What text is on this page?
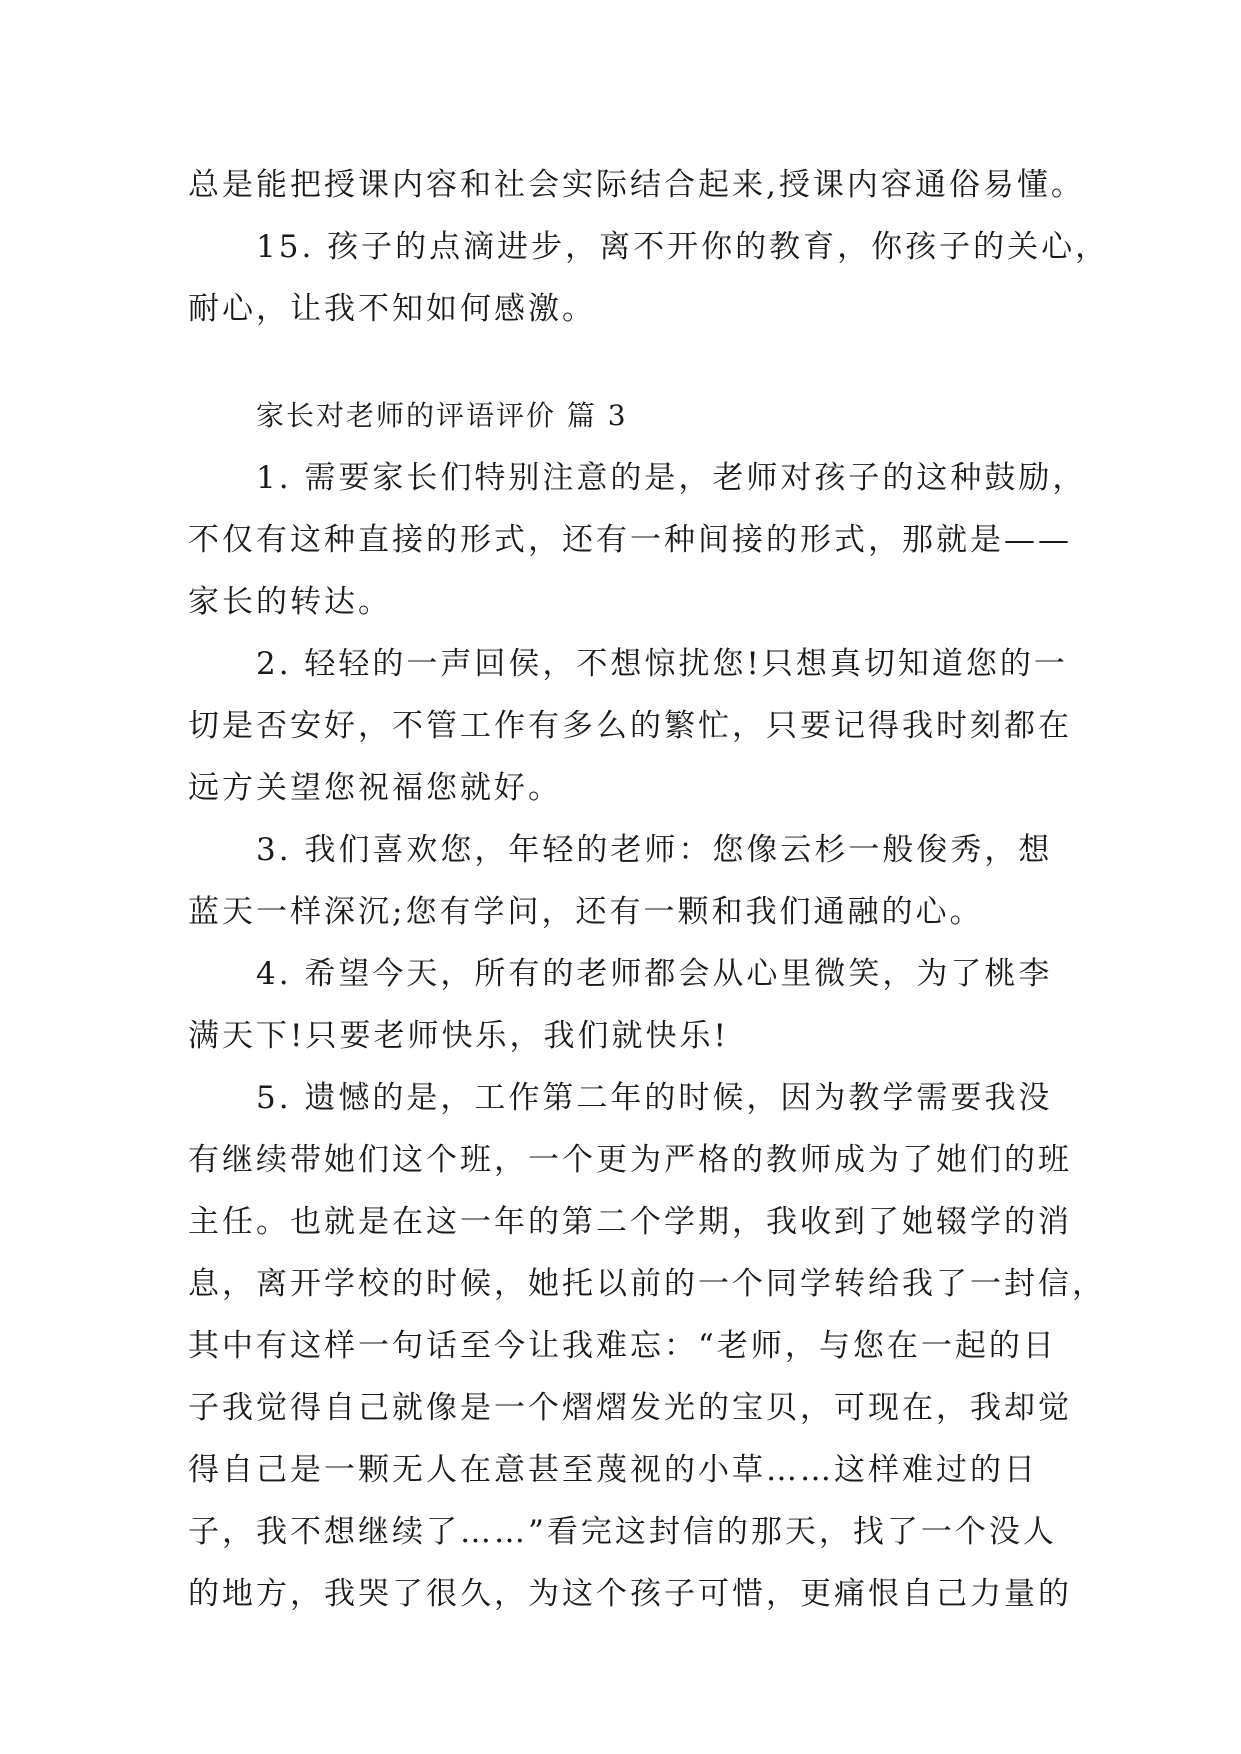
总是能把授课内容和社会实际结合起来,授课内容通俗易懂。
15. 孩子的点滴进步，离不开你的教育，你孩子的关心，
耐心，让我不知如何感激。
家长对老师的评语评价 篇 3
1. 需要家长们特别注意的是，老师对孩子的这种鼓励，
不仅有这种直接的形式，还有一种间接的形式，那就是——
家长的转达。
2. 轻轻的一声回侯，不想惊扰您!只想真切知道您的一
切是否安好，不管工作有多么的繁忙，只要记得我时刻都在
远方关望您祝福您就好。
3. 我们喜欢您，年轻的老师：您像云杉一般俊秀，想
蓝天一样深沉;您有学问，还有一颗和我们通融的心。
4. 希望今天，所有的老师都会从心里微笑，为了桃李
满天下!只要老师快乐，我们就快乐!
5. 遗憾的是，工作第二年的时候，因为教学需要我没
有继续带她们这个班，一个更为严格的教师成为了她们的班
主任。也就是在这一年的第二个学期，我收到了她辍学的消
息，离开学校的时候，她托以前的一个同学转给我了一封信，
其中有这样一句话至今让我难忘：“老师，与您在一起的日
子我觉得自己就像是一个熠熠发光的宝贝，可现在，我却觉
得自己是一颗无人在意甚至蔑视的小草……这样难过的日
子，我不想继续了……”看完这封信的那天，找了一个没人
的地方，我哭了很久，为这个孩子可惜，更痛恨自己力量的
